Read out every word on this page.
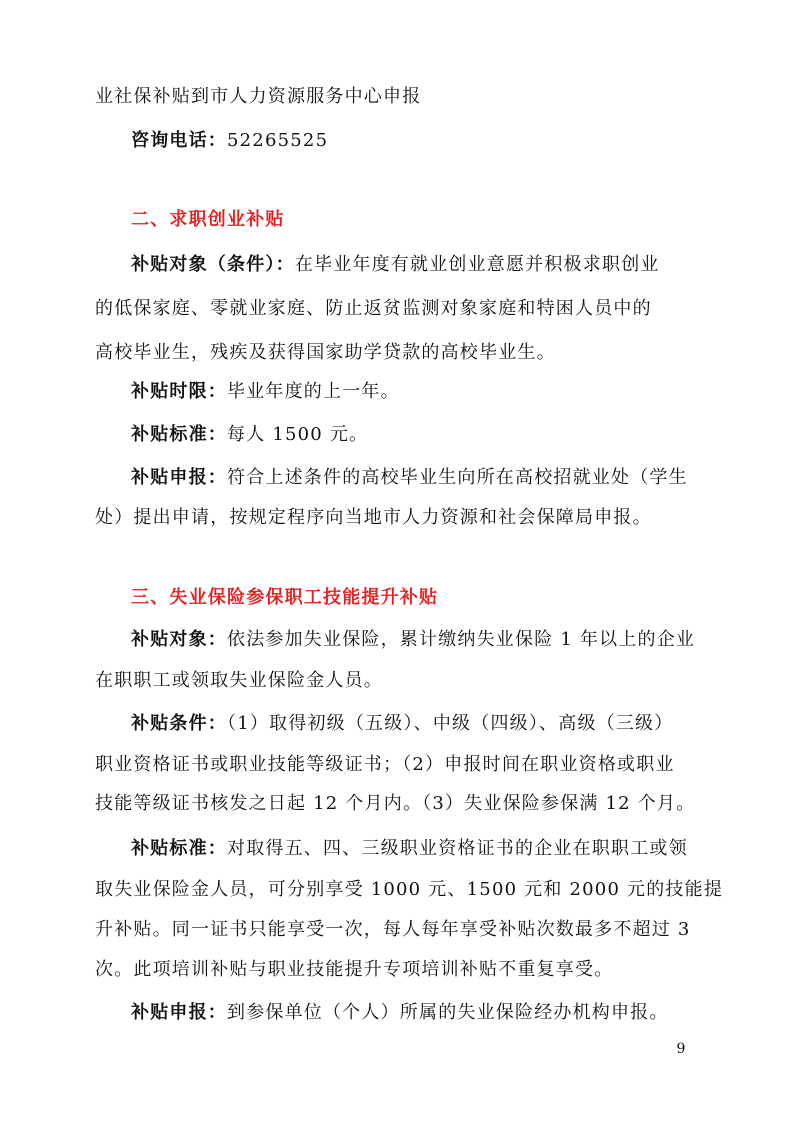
业社保补贴到市人力资源服务中心申报
咨询电话：52265525
二、求职创业补贴
补贴对象（条件）：在毕业年度有就业创业意愿并积极求职创业
的低保家庭、零就业家庭、防止返贫监测对象家庭和特困人员中的
高校毕业生，残疾及获得国家助学贷款的高校毕业生。
补贴时限：毕业年度的上一年。
补贴标准：每人 1500 元。
补贴申报：符合上述条件的高校毕业生向所在高校招就业处（学生
处）提出申请，按规定程序向当地市人力资源和社会保障局申报。
三、失业保险参保职工技能提升补贴
补贴对象：依法参加失业保险，累计缴纳失业保险 1 年以上的企业
在职职工或领取失业保险金人员。
补贴条件：（1）取得初级（五级）、中级（四级）、高级（三级）
职业资格证书或职业技能等级证书；（2）申报时间在职业资格或职业
技能等级证书核发之日起 12 个月内。（3）失业保险参保满 12 个月。
补贴标准：对取得五、四、三级职业资格证书的企业在职职工或领
取失业保险金人员，可分别享受 1000 元、1500 元和 2000 元的技能提
升补贴。同一证书只能享受一次，每人每年享受补贴次数最多不超过 3
次。此项培训补贴与职业技能提升专项培训补贴不重复享受。
补贴申报：到参保单位（个人）所属的失业保险经办机构申报。
9
